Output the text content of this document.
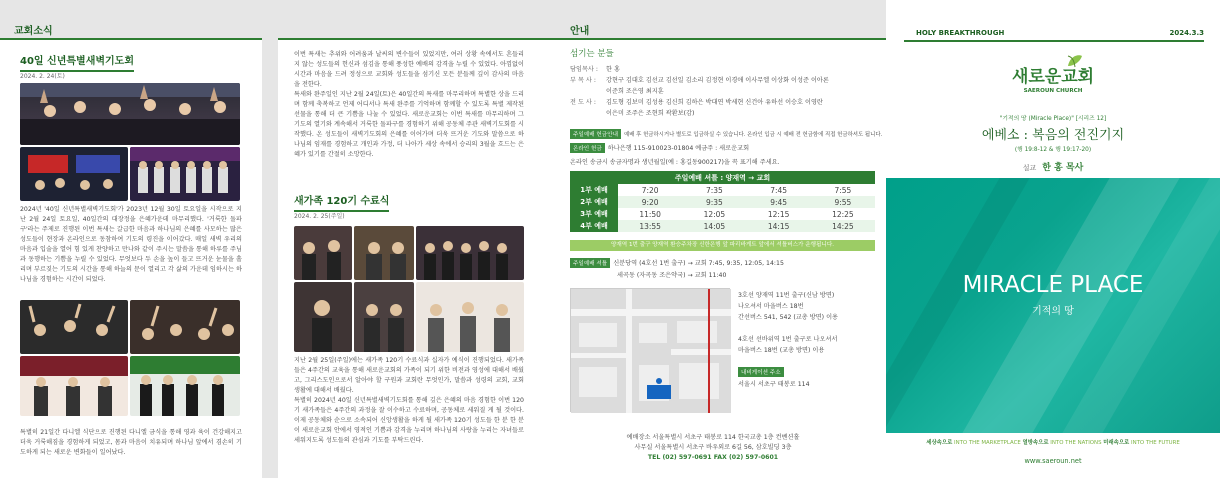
교회소식
40일 신년특별새벽기도회
2024. 2. 24(토)
2024년 '40일 신년특별새벽기도회'가 2023년 12월 30일 토요일을 시작으로 지난 2월 24일 토요일, 40일간의 대장정을 은혜가운데 마무리했다. '거룩한 돌파구'라는 주제로 진행된 이번 특새는 갈급한 마음과 하나님의 은혜를 사모하는 많은 성도들이 현장과 온라인으로 동참하여 기도의 령진을 이어갔다. 매일 새벽 우리의 마음과 입술을 열어 힘 있게 찬양하고 만나와 같이 주시는 말씀을 통해 하루를 주님과 동행하는 기쁨을 누릴 수 있었다. 무엇보다 두 손을 높이 들고 뜨거운 눈물을 흘리며 부르짖는 기도의 시간을 통해 하늘의 문이 열리고 각 삶의 가운데 임하시는 하나님을 경험하는 시간이 되었다.
특별히 21일간 다니엘 식단으로 진행된 다니엘 금식을 통해 영과 육이 건강해지고 더욱 거룩해짐을 경험하게 되었고, 몸과 마음이 치유되며 하나님 앞에서 겸손히 기도하게 되는 새로운 변화들이 일어났다.
이번 특새는 추위와 어려움과 날씨의 변수들이 있었지만, 여러 상황 속에서도 흔들리지 않는 성도들의 헌신과 섬김을 통해 풍성한 예배의 감격을 누릴 수 있었다. 아낌없이 시간과 마음을 드려 정성으로 교회와 성도들을 섬기신 모든 분들께 깊이 감사의 마음을 전한다.
특새와 완주일인 지난 2월 24일(토)은 40일간의 특새를 마무리하며 특별한 상을 드리며 함께 축복하고 언제 어디서나 특새 완주를 기억하며 함께할 수 있도록 특별 제작된 선물을 통해 더 큰 기쁨을 나눌 수 있었다. 새로운교회는 이번 특새를 마무리하며 그 기도의 열기와 계속해서 거룩한 돌파구를 경험하기 위해 공동체 주관 새벽기도회를 시작했다. 온 성도들이 새벽기도회의 은혜를 이어가며 더욱 뜨거운 기도와 말씀으로 하나님의 임재를 경험하고 개인과 가정, 더 나아가 세상 속에서 승리의 3월을 흐드는 은혜가 있기를 간절히 소망한다.
새가족 120기 수료식
2024. 2. 25(주일)
지난 2월 25일(주일)에는 새가족 120기 수료식과 십자가 예식이 진행되었다. 새가족들은 4주간의 교육을 통해 새로운교회의 가족이 되기 위한 비전과 영성에 대해서 배웠고, 그리스도인으로서 알아야 할 구원과 교회란 무엇인가, 말씀과 성령의 교회, 교회 생활에 대해서 배웠다.
특별히 2024년 40일 신년특별새벽기도회를 통해 깊은 은혜의 마음 경험한 이번 120기 새가족들은 4주간의 과정을 잘 이수하고 수료하며, 공동체로 세워질 게 될 것이다. 이제 공동체와 순으로 소속되어 신앙생활을 하게 될 새가족 120기 성도들 한 분 한 분이 새로운교회 안에서 영적인 기쁨과 감격을 누리며 하나님의 사랑을 누리는 자녀들로 세워지도록 성도들의 관심과 기도를 부탁드린다.
안내
섬기는 분들
담임목사 : 한 홍
부 목 사 : 강현구 김대호 김선교 김선일 김소리 김정현 이경애 이사무엘 이상화 이성준 이아론
이준희 조은영 최지훈
전 도 사 : 김도형 김보미 김성용 김신희 김하은 박대연 박세현 신건아 유하선 이승호 이영란
이은미 조주은 조현희 곽환보(감)
주일예배 헌금안내 예배 후 헌금하시거나 별도로 입금하실 수 있습니다. 온라인 입금 시 예배 전 헌금함에 직접 헌금하셔도 됩니다.
온라인 헌금 하나은행 115-910023-01804 예금주 : 새로운교회
온라인 송금시 송금자명과 생년월일(예 : 홍길동900217)을 꼭 표기해 주세요.
주일예배 셔틀 : 양재역 → 교회				
1부 예배	7:20	7:35	7:45	7:55
2부 예배	9:20	9:35	9:45	9:55
3부 예배	11:50	12:05	12:15	12:25
4부 예배	13:55	14:05	14:15	14:25
양재역 1번 출구 양재역 환승주차장 신한은행 앞 파리바게트 앞에서 셔틀버스가 운행됩니다.
주일예배 셔틀 신분당역 (4호선 1번 출구) → 교회 7:45, 9:35, 12:05, 14:15
세곡동 (자곡동 조은약국) → 교회 11:40
3호선 양재역 11번 출구(신남 방면)
나오셔서 마을버스 18번
간선버스 541, 542 (교총 방면) 이용

4호선 선바위역 1번 출구로 나오셔서
마을버스 18번 (교총 방면) 이용
내비게이션 주소
서울시 서초구 태봉로 114
예배장소 서울특별시 서초구 태봉로 114 한국교총 1층 컨벤션홀
사무실 서울특별시 서초구 바우외로 6길 56, 삼호빌딩 3층
TEL (02) 597-0691 FAX (02) 597-0601
HOLY BREAKTHROUGH	2024.3.3
새로운교회
SAEROUN CHURCH
"기적의 땅 (Miracle Place)" [시리즈 12]
에베소 : 복음의 전진기지
(행 19:8-12 & 행 19:17-20)
설교 한 홍 목사
MIRACLE PLACE
기적의 땅
세상속으로 INTO THE MARKETPLACE 열방속으로 INTO THE NATIONS 미래속으로 INTO THE FUTURE
www.saeroun.net
